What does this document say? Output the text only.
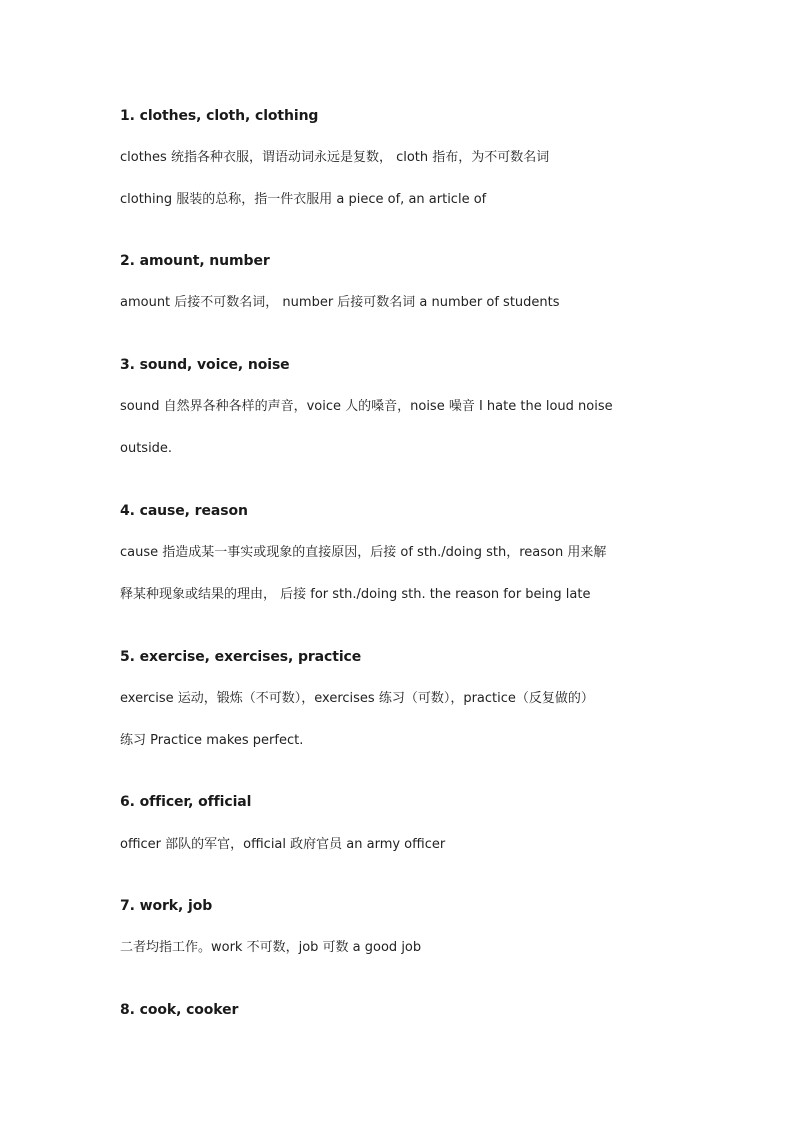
1. clothes, cloth, clothing
clothes 统指各种衣服，谓语动词永远是复数， cloth 指布，为不可数名词
clothing 服装的总称，指一件衣服用 a piece of, an article of
2. amount, number
amount 后接不可数名词， number 后接可数名词 a number of students
3. sound, voice, noise
sound 自然界各种各样的声音，voice 人的嗓音，noise 噪音 I hate the loud noise
outside.
4. cause, reason
cause 指造成某一事实或现象的直接原因，后接 of sth./doing sth，reason 用来解
释某种现象或结果的理由， 后接 for sth./doing sth. the reason for being late
5. exercise, exercises, practice
exercise 运动，锻炼（不可数），exercises 练习（可数），practice（反复做的）
练习 Practice makes perfect.
6. officer, official
officer 部队的军官，official 政府官员 an army officer
7. work, job
二者均指工作。work 不可数，job 可数 a good job
8. cook, cooker
